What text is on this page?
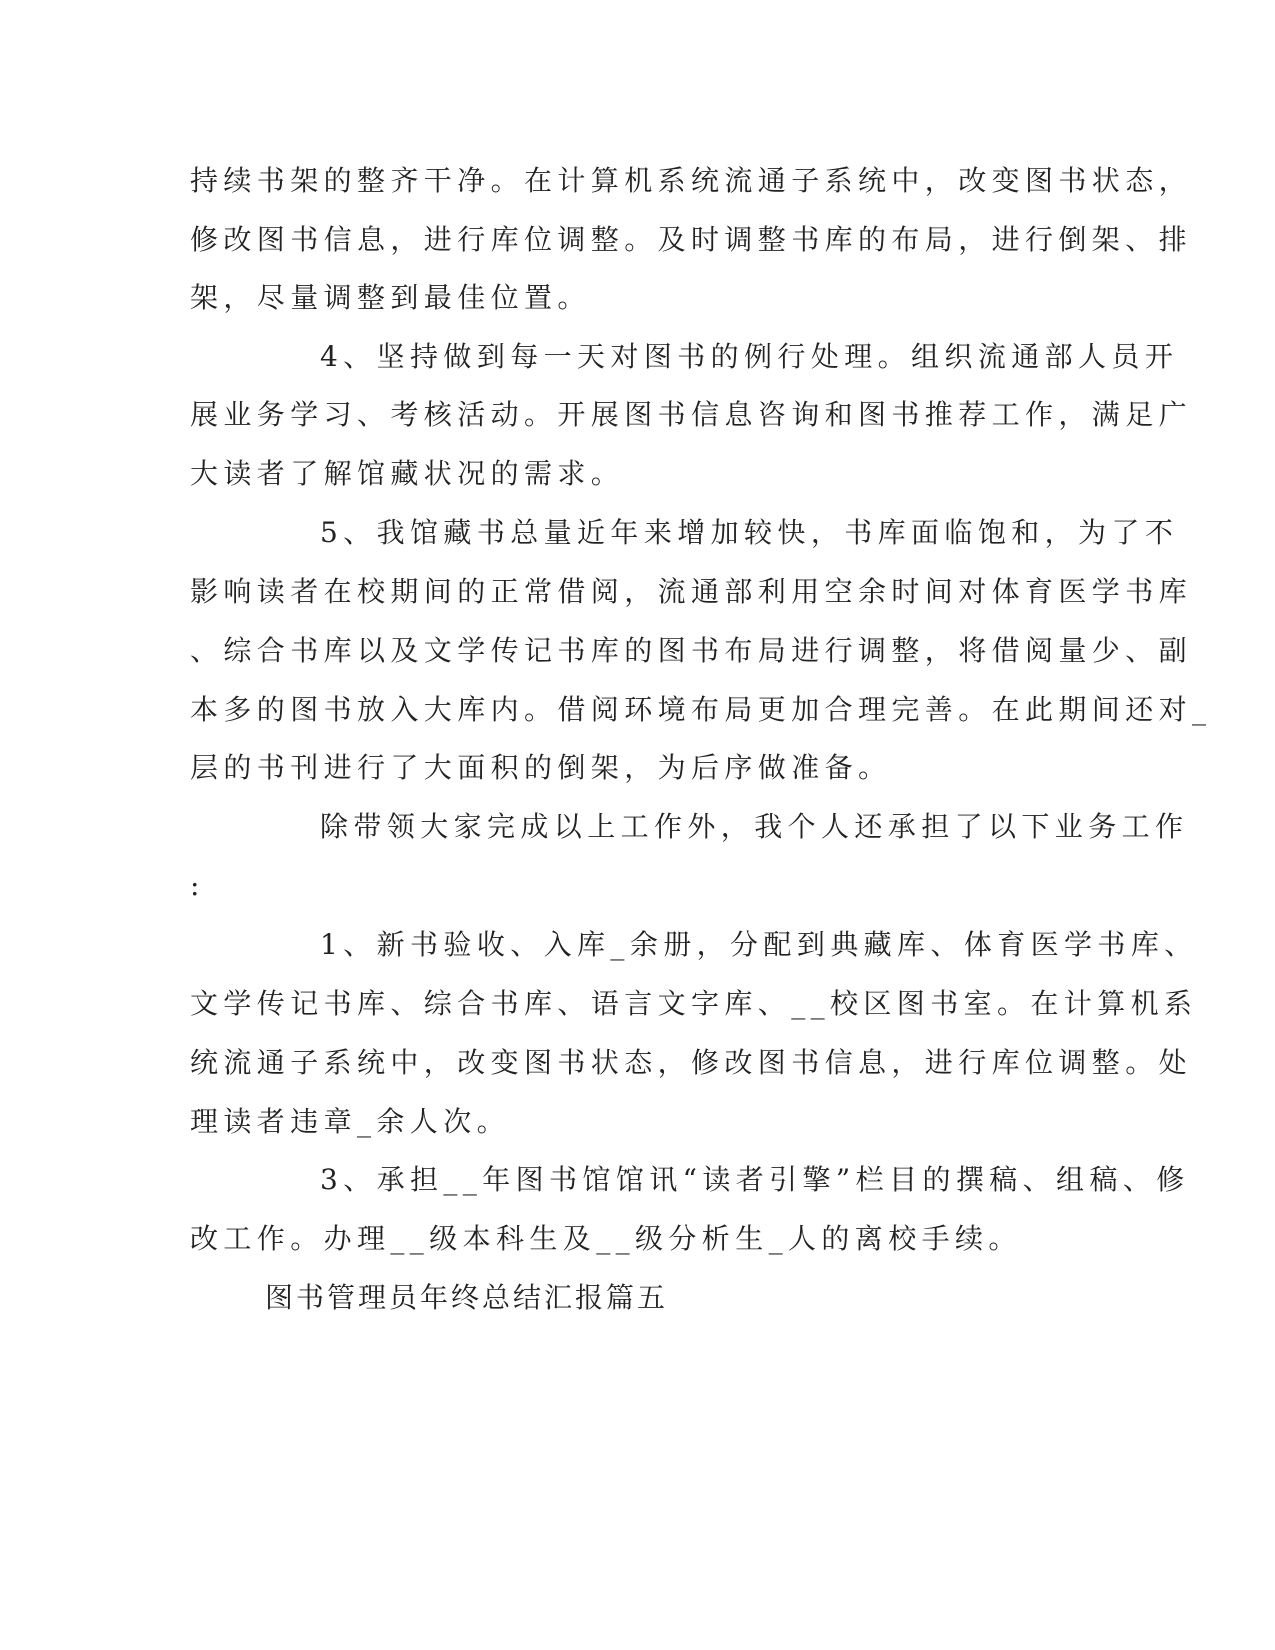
持续书架的整齐干净。在计算机系统流通子系统中，改变图书状态，
修改图书信息，进行库位调整。及时调整书库的布局，进行倒架、排
架，尽量调整到最佳位置。
4、坚持做到每一天对图书的例行处理。组织流通部人员开
展业务学习、考核活动。开展图书信息咨询和图书推荐工作，满足广
大读者了解馆藏状况的需求。
5、我馆藏书总量近年来增加较快，书库面临饱和，为了不
影响读者在校期间的正常借阅，流通部利用空余时间对体育医学书库
、综合书库以及文学传记书库的图书布局进行调整，将借阅量少、副
本多的图书放入大库内。借阅环境布局更加合理完善。在此期间还对_
层的书刊进行了大面积的倒架，为后序做准备。
除带领大家完成以上工作外，我个人还承担了以下业务工作
:
1、新书验收、入库_余册，分配到典藏库、体育医学书库、
文学传记书库、综合书库、语言文字库、__校区图书室。在计算机系
统流通子系统中，改变图书状态，修改图书信息，进行库位调整。处
理读者违章_余人次。
3、承担__年图书馆馆讯“读者引擎”栏目的撰稿、组稿、修
改工作。办理__级本科生及__级分析生_人的离校手续。
图书管理员年终总结汇报篇五
